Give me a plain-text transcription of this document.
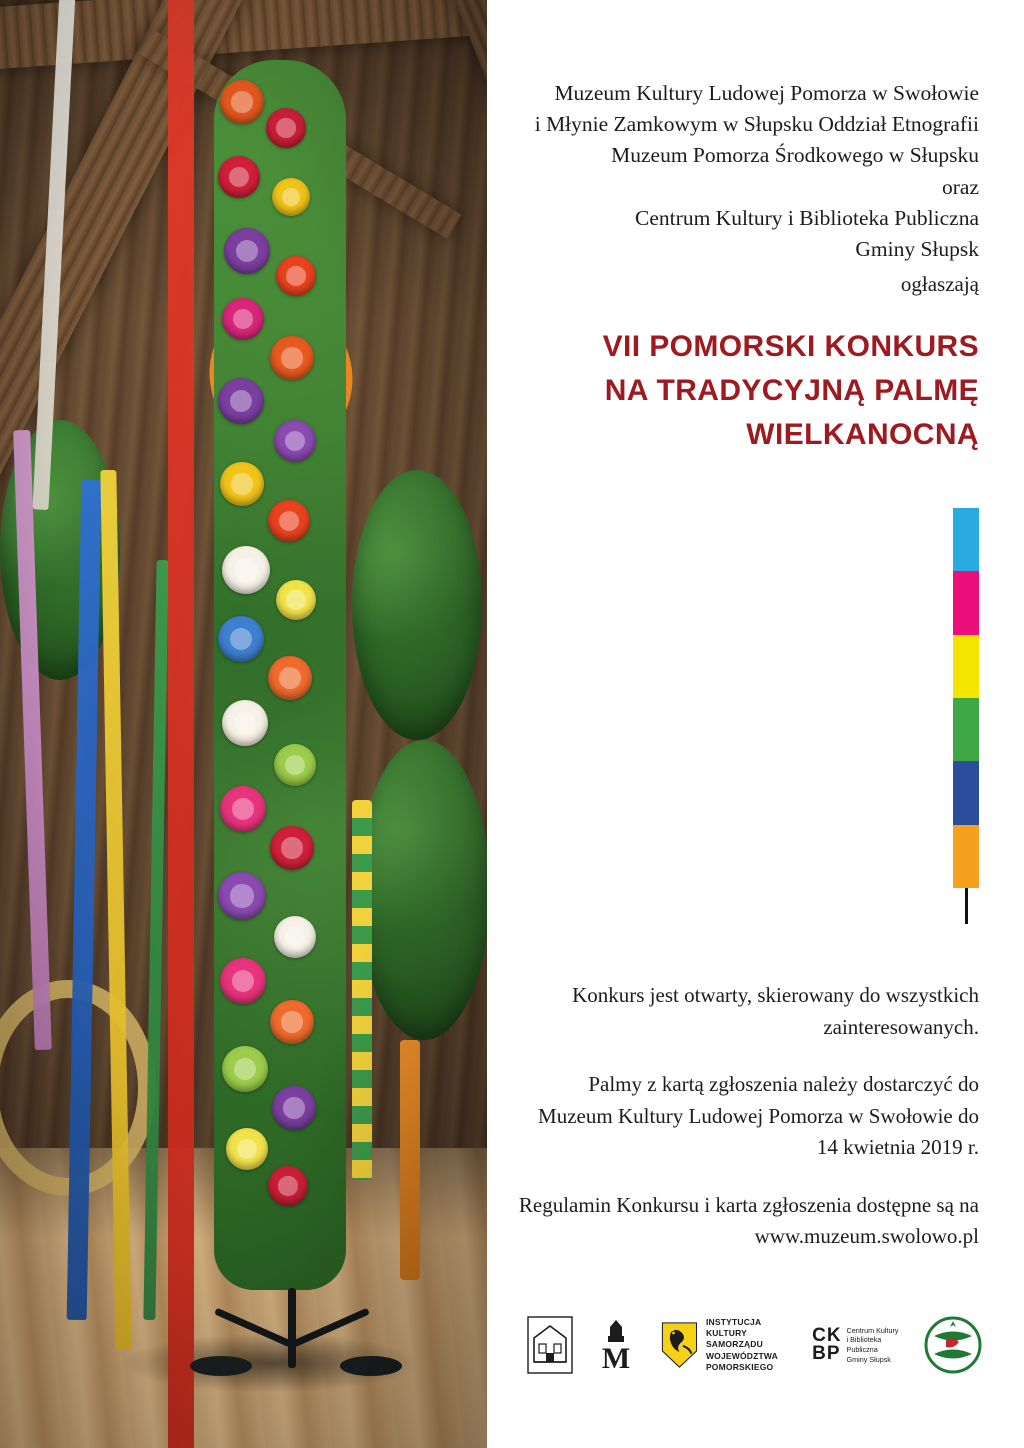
Muzeum Kultury Ludowej Pomorza w Swołowie
i Młynie Zamkowym w Słupsku Oddział Etnografii
Muzeum Pomorza Środkowego w Słupsku
oraz
Centrum Kultury i Biblioteka Publiczna
Gminy Słupsk
ogłaszają
VII POMORSKI KONKURS
NA TRADYCYJNĄ PALMĘ
WIELKANOCNĄ

Konkurs jest otwarty, skierowany do wszystkich zainteresowanych.

Palmy z kartą zgłoszenia należy dostarczyć do Muzeum Kultury Ludowej Pomorza w Swołowie do 14 kwietnia 2019 r.

Regulamin Konkursu i karta zgłoszenia dostępne są na www.muzeum.swolowo.pl

M
INSTYTUCJA KULTURY
SAMORZĄDU
WOJEWÓDZTWA
POMORSKIEGO
CK
BP
Centrum Kultury
i Biblioteka Publiczna
Gminy Słupsk
